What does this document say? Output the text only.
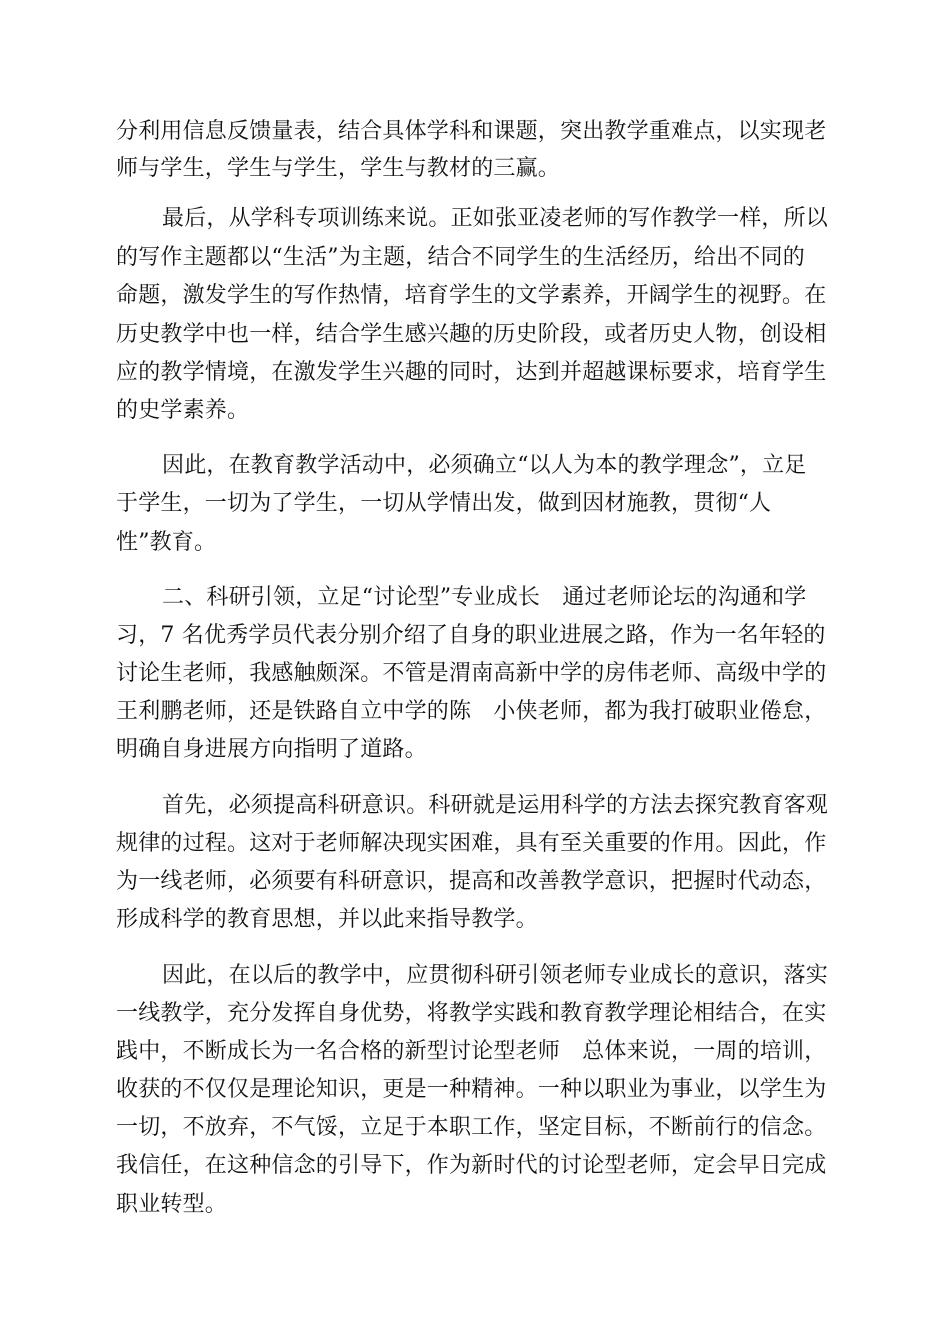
分利用信息反馈量表，结合具体学科和课题，突出教学重难点，以实现老
师与学生，学生与学生，学生与教材的三赢。
最后，从学科专项训练来说。正如张亚凌老师的写作教学一样，所以
的写作主题都以“生活”为主题，结合不同学生的生活经历，给出不同的
命题，激发学生的写作热情，培育学生的文学素养，开阔学生的视野。在
历史教学中也一样，结合学生感兴趣的历史阶段，或者历史人物，创设相
应的教学情境，在激发学生兴趣的同时，达到并超越课标要求，培育学生
的史学素养。
因此，在教育教学活动中，必须确立“以人为本的教学理念”，立足
于学生，一切为了学生，一切从学情出发，做到因材施教，贯彻“人
性”教育。
二、科研引领，立足“讨论型”专业成长　通过老师论坛的沟通和学
习，7 名优秀学员代表分别介绍了自身的职业进展之路，作为一名年轻的
讨论生老师，我感触颇深。不管是渭南高新中学的房伟老师、高级中学的
王利鹏老师，还是铁路自立中学的陈　小侠老师，都为我打破职业倦怠，
明确自身进展方向指明了道路。
首先，必须提高科研意识。科研就是运用科学的方法去探究教育客观
规律的过程。这对于老师解决现实困难，具有至关重要的作用。因此，作
为一线老师，必须要有科研意识，提高和改善教学意识，把握时代动态，
形成科学的教育思想，并以此来指导教学。
因此，在以后的教学中，应贯彻科研引领老师专业成长的意识，落实
一线教学，充分发挥自身优势，将教学实践和教育教学理论相结合，在实
践中，不断成长为一名合格的新型讨论型老师　总体来说，一周的培训，
收获的不仅仅是理论知识，更是一种精神。一种以职业为事业，以学生为
一切，不放弃，不气馁，立足于本职工作，坚定目标，不断前行的信念。
我信任，在这种信念的引导下，作为新时代的讨论型老师，定会早日完成
职业转型。
